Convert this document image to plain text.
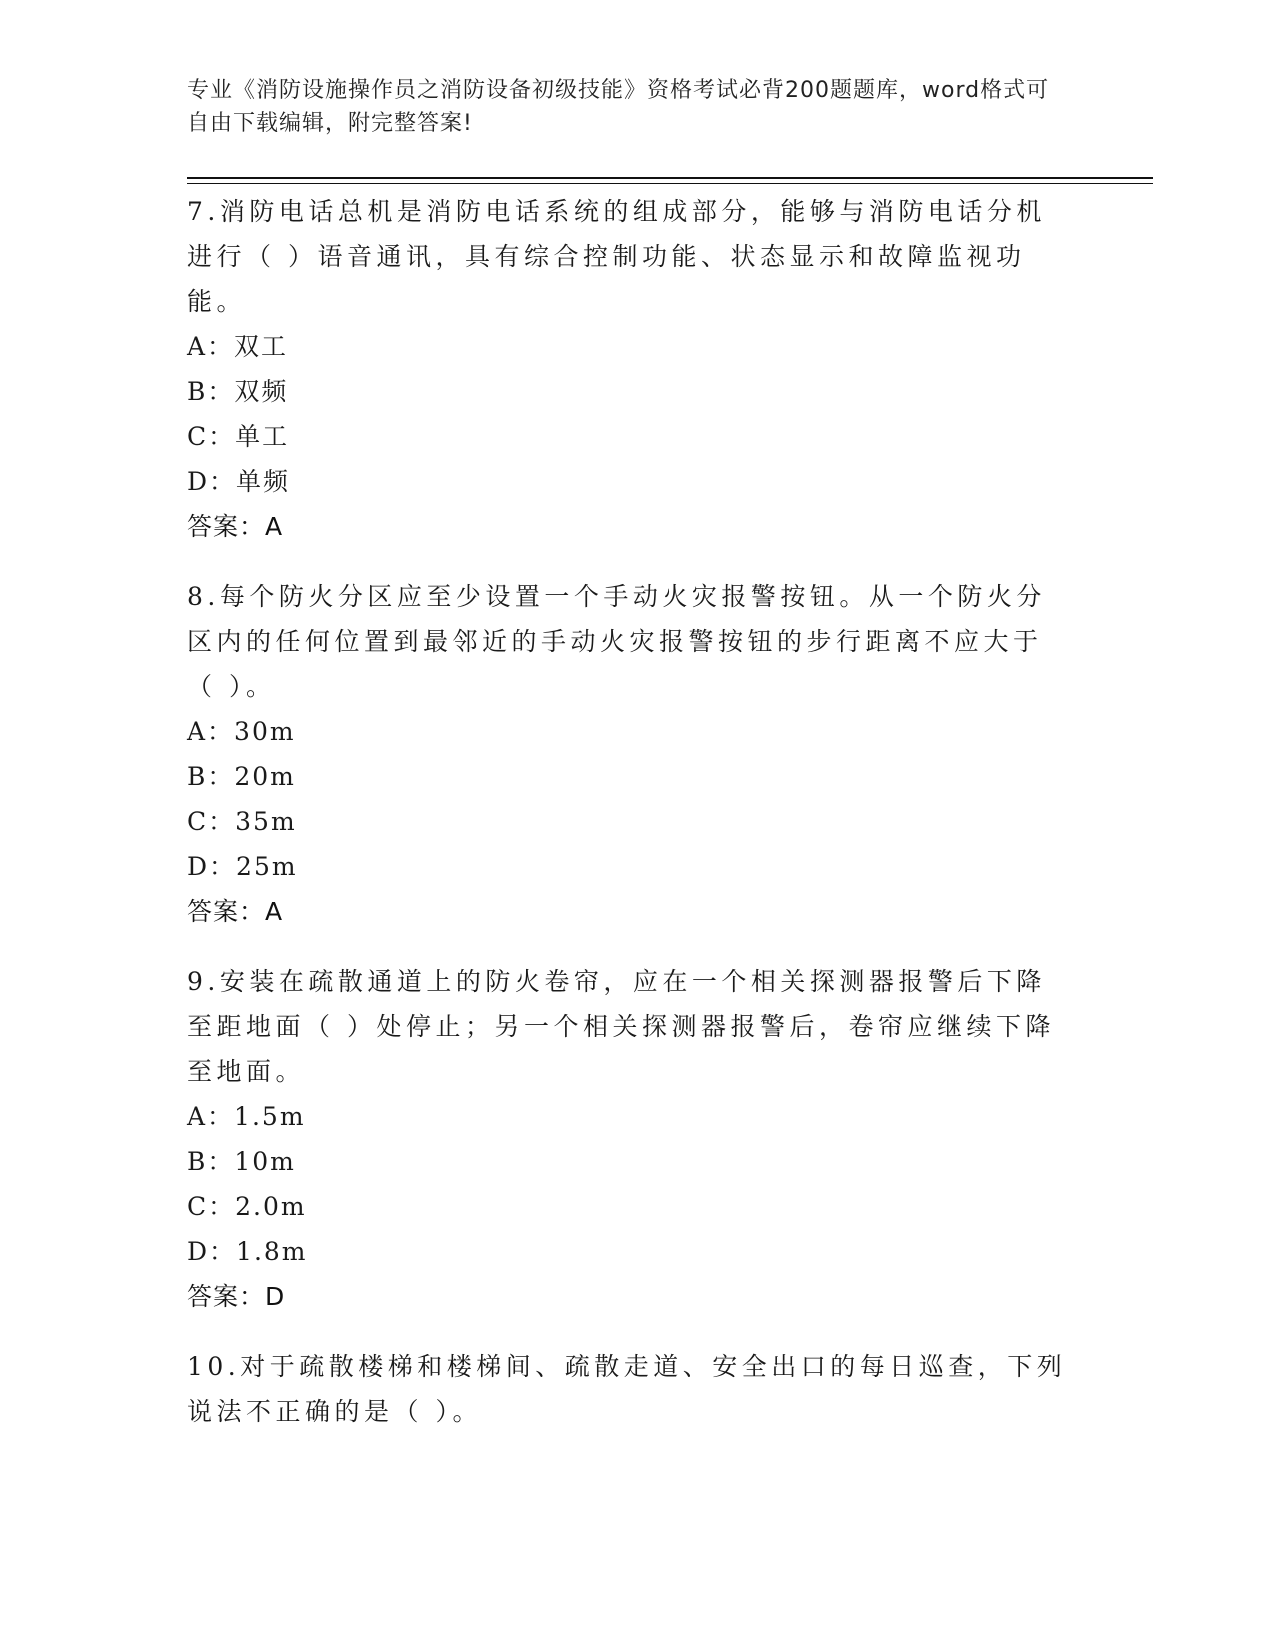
专业《消防设施操作员之消防设备初级技能》资格考试必背200题题库，word格式可自由下载编辑，附完整答案!

7.消防电话总机是消防电话系统的组成部分，能够与消防电话分机进行（ ）语音通讯，具有综合控制功能、状态显示和故障监视功能。

A：双工

B：双频

C：单工

D：单频

答案：A

8.每个防火分区应至少设置一个手动火灾报警按钮。从一个防火分区内的任何位置到最邻近的手动火灾报警按钮的步行距离不应大于（ ）。

A：30m

B：20m

C：35m

D：25m

答案：A

9.安装在疏散通道上的防火卷帘，应在一个相关探测器报警后下降至距地面（ ）处停止；另一个相关探测器报警后，卷帘应继续下降至地面。

A：1.5m

B：10m

C：2.0m

D：1.8m

答案：D

10.对于疏散楼梯和楼梯间、疏散走道、安全出口的每日巡查，下列说法不正确的是（ ）。
